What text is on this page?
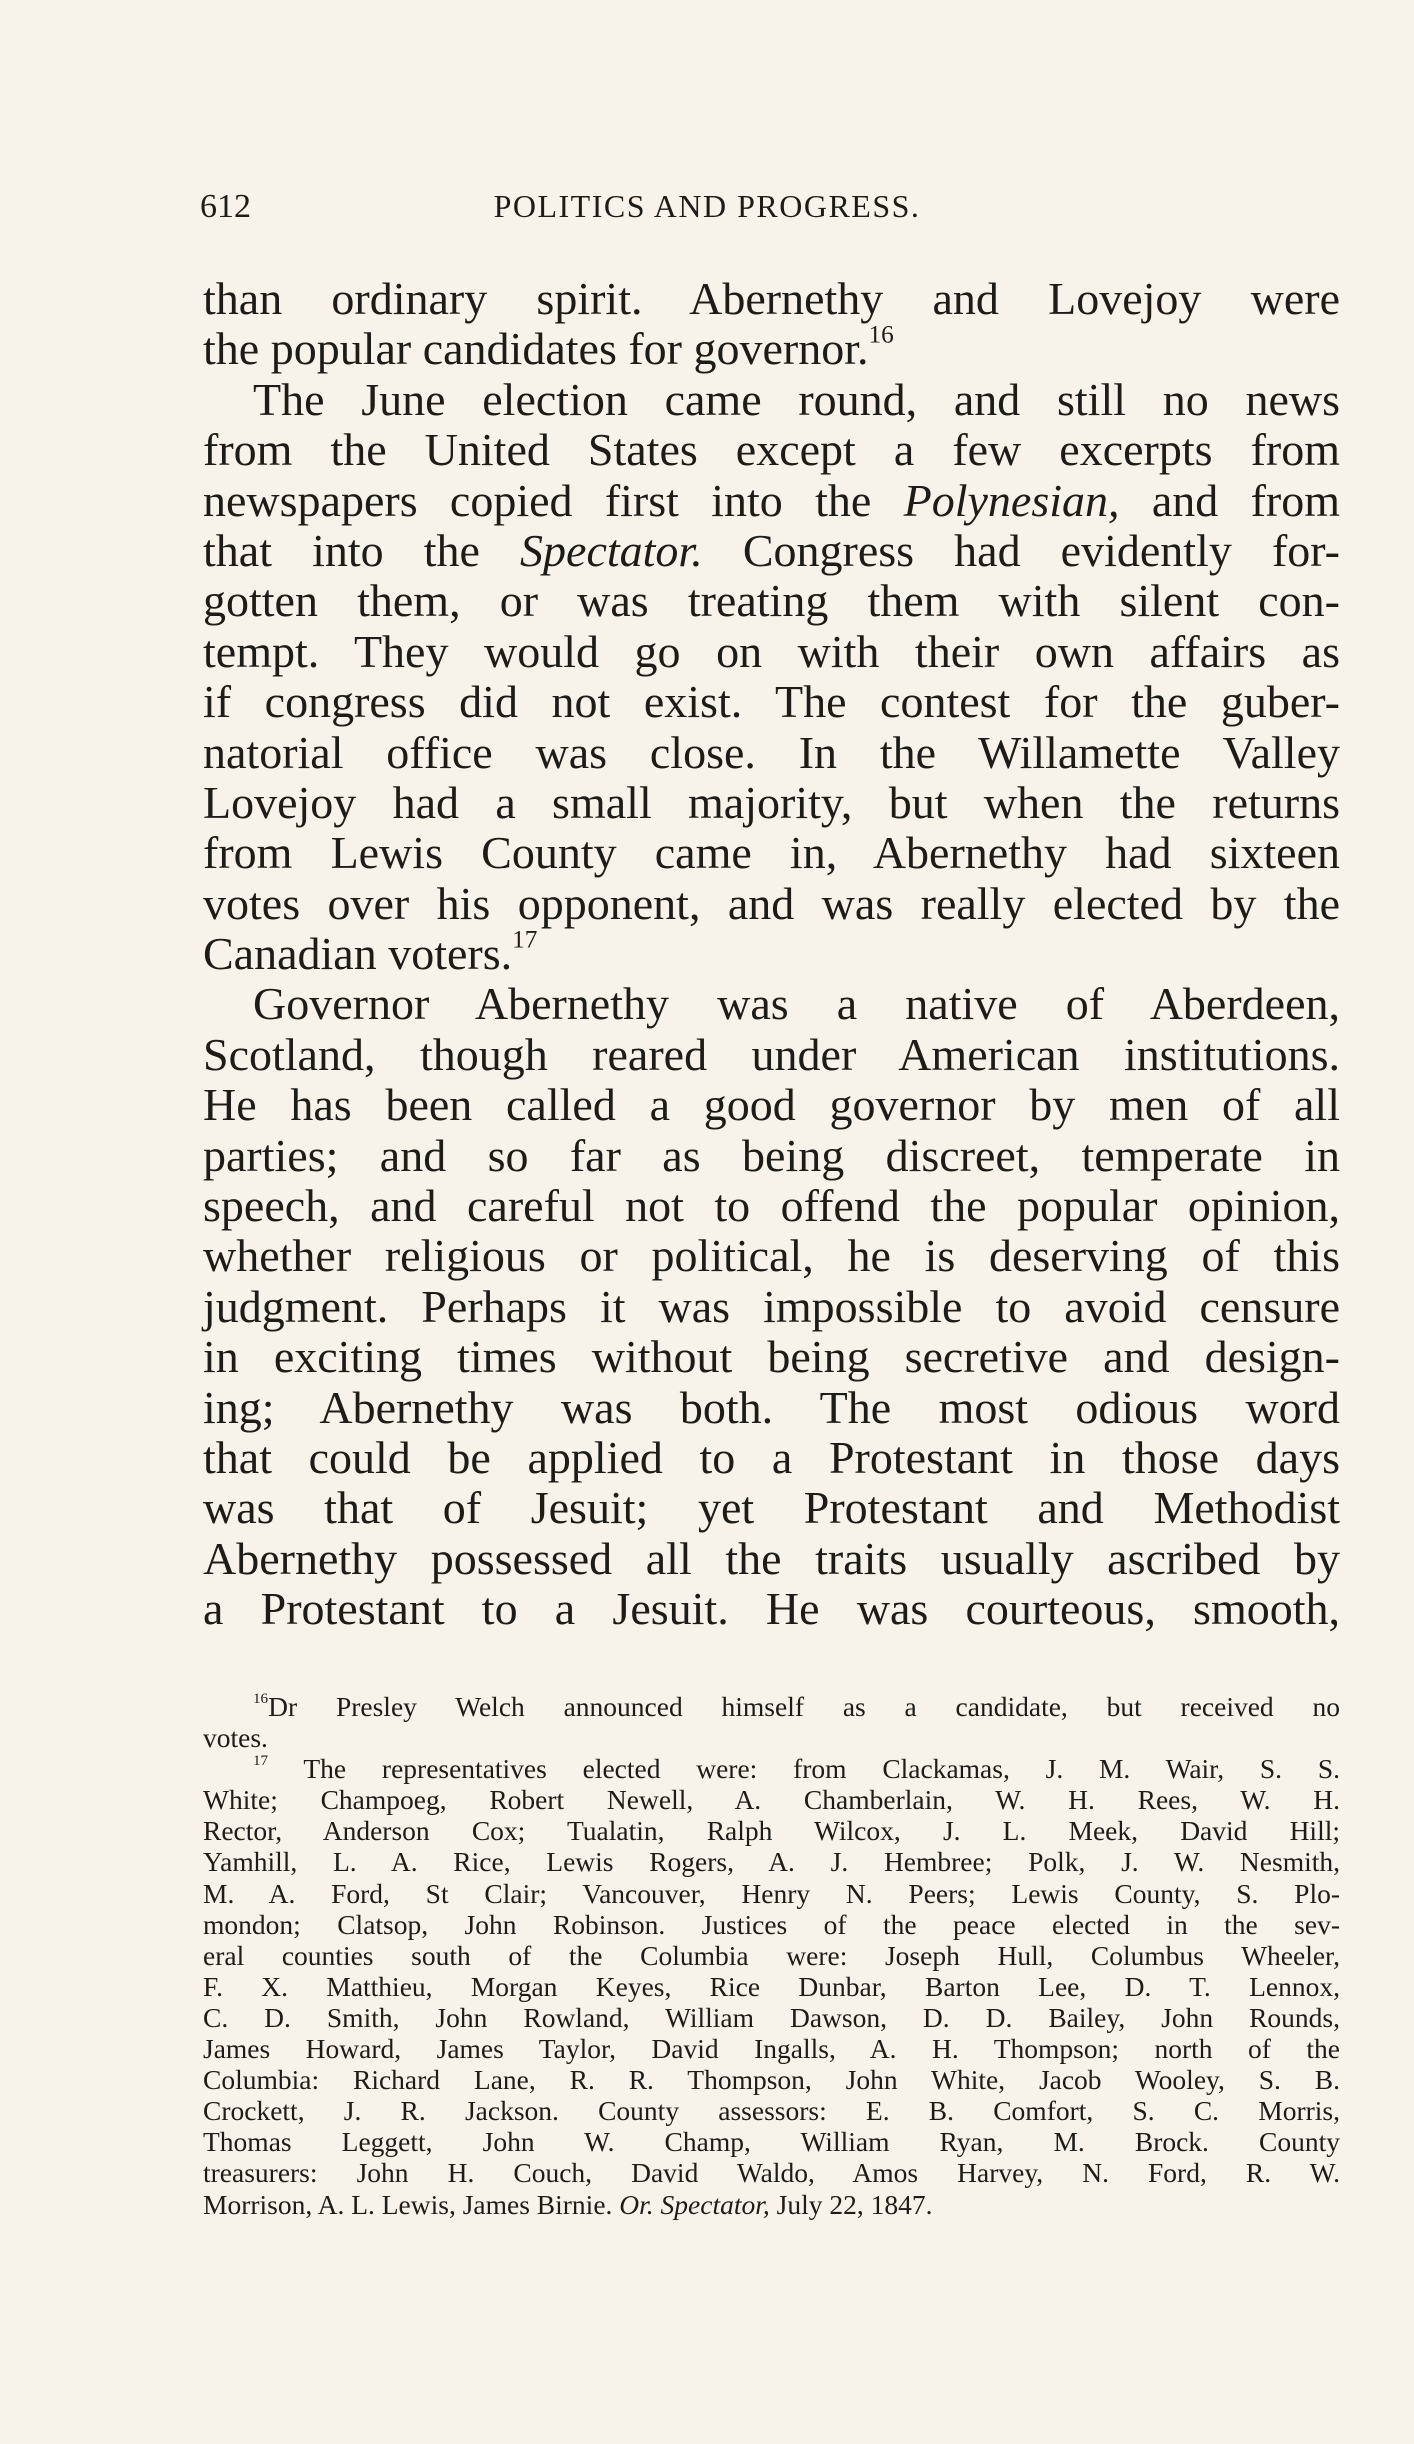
612	POLITICS AND PROGRESS.
than ordinary spirit. Abernethy and Lovejoy were
the popular candidates for governor.$^{16}$
The June election came round, and still no news
from the United States except a few excerpts from
newspapers copied first into the Polynesian, and from
that into the Spectator. Congress had evidently for-
gotten them, or was treating them with silent con-
tempt. They would go on with their own affairs as
if congress did not exist. The contest for the guber-
natorial office was close. In the Willamette Valley
Lovejoy had a small majority, but when the returns
from Lewis County came in, Abernethy had sixteen
votes over his opponent, and was really elected by the
Canadian voters.$^{17}$
Governor Abernethy was a native of Aberdeen,
Scotland, though reared under American institutions.
He has been called a good governor by men of all
parties; and so far as being discreet, temperate in
speech, and careful not to offend the popular opinion,
whether religious or political, he is deserving of this
judgment. Perhaps it was impossible to avoid censure
in exciting times without being secretive and design-
ing; Abernethy was both. The most odious word
that could be applied to a Protestant in those days
was that of Jesuit; yet Protestant and Methodist
Abernethy possessed all the traits usually ascribed by
a Protestant to a Jesuit. He was courteous, smooth,
$^{16}$Dr Presley Welch announced himself as a candidate, but received no
votes.
$^{17}$ The representatives elected were: from Clackamas, J. M. Wair, S. S.
White; Champoeg, Robert Newell, A. Chamberlain, W. H. Rees, W. H.
Rector, Anderson Cox; Tualatin, Ralph Wilcox, J. L. Meek, David Hill;
Yamhill, L. A. Rice, Lewis Rogers, A. J. Hembree; Polk, J. W. Nesmith,
M. A. Ford, St Clair; Vancouver, Henry N. Peers; Lewis County, S. Plo-
mondon; Clatsop, John Robinson. Justices of the peace elected in the sev-
eral counties south of the Columbia were: Joseph Hull, Columbus Wheeler,
F. X. Matthieu, Morgan Keyes, Rice Dunbar, Barton Lee, D. T. Lennox,
C. D. Smith, John Rowland, William Dawson, D. D. Bailey, John Rounds,
James Howard, James Taylor, David Ingalls, A. H. Thompson; north of the
Columbia: Richard Lane, R. R. Thompson, John White, Jacob Wooley, S. B.
Crockett, J. R. Jackson. County assessors: E. B. Comfort, S. C. Morris,
Thomas Leggett, John W. Champ, William Ryan, M. Brock. County
treasurers: John H. Couch, David Waldo, Amos Harvey, N. Ford, R. W.
Morrison, A. L. Lewis, James Birnie. Or. Spectator, July 22, 1847.
